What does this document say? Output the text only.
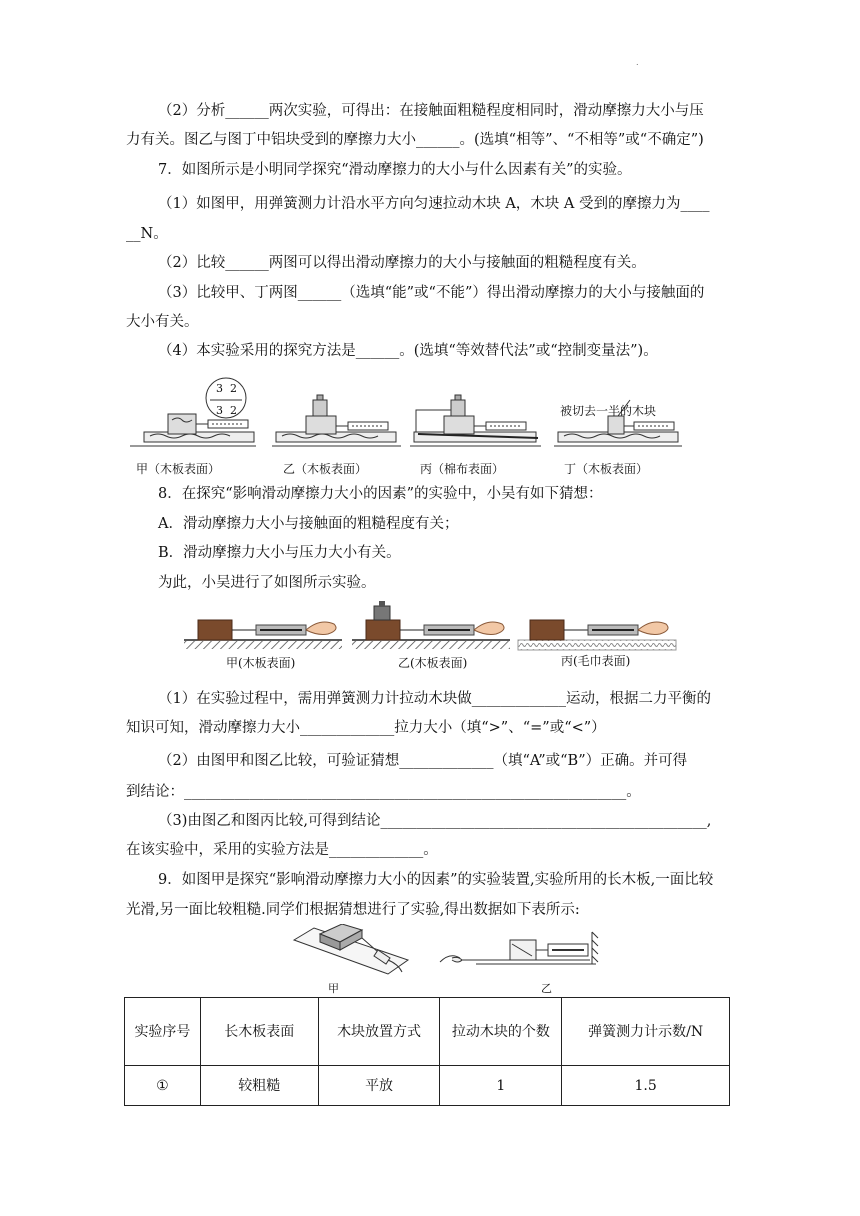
.
（2）分析______两次实验，可得出：在接触面粗糙程度相同时，滑动摩擦力大小与压
力有关。图乙与图丁中铝块受到的摩擦力大小______。(选填“相等”、“不相等”或“不确定”)
7．如图所示是小明同学探究“滑动摩擦力的大小与什么因素有关”的实验。
（1）如图甲，用弹簧测力计沿水平方向匀速拉动木块 A，木块 A 受到的摩擦力为____
__N。
（2）比较______两图可以得出滑动摩擦力的大小与接触面的粗糙程度有关。
（3）比较甲、丁两图______（选填“能”或“不能”）得出滑动摩擦力的大小与接触面的
大小有关。
（4）本实验采用的探究方法是______。(选填“等效替代法”或“控制变量法”)。
3 2
3 2	被切去一半的木块
甲（木板表面）	乙（木板表面）	丙（棉布表面）	丁（木板表面）
8．在探究“影响滑动摩擦力大小的因素”的实验中，小吴有如下猜想：
A．滑动摩擦力大小与接触面的粗糙程度有关；
B．滑动摩擦力大小与压力大小有关。
为此，小吴进行了如图所示实验。
甲(木板表面)	乙(木板表面)	丙(毛巾表面)
（1）在实验过程中，需用弹簧测力计拉动木块做_____________运动，根据二力平衡的
知识可知，滑动摩擦力大小_____________拉力大小（填“>”、“=”或“<”）
（2）由图甲和图乙比较，可验证猜想_____________（填“A”或“B”）正确。并可得
到结论：_____________________________________________________________。
（3)由图乙和图丙比较,可得到结论_____________________________________________,
在该实验中，采用的实验方法是_____________。
9．如图甲是探究“影响滑动摩擦力大小的因素”的实验装置,实验所用的长木板,一面比较
光滑,另一面比较粗糙.同学们根据猜想进行了实验,得出数据如下表所示:
甲	乙
实验序号	长木板表面	木块放置方式	拉动木块的个数	弹簧测力计示数/N
①	较粗糙	平放	1	1.5
